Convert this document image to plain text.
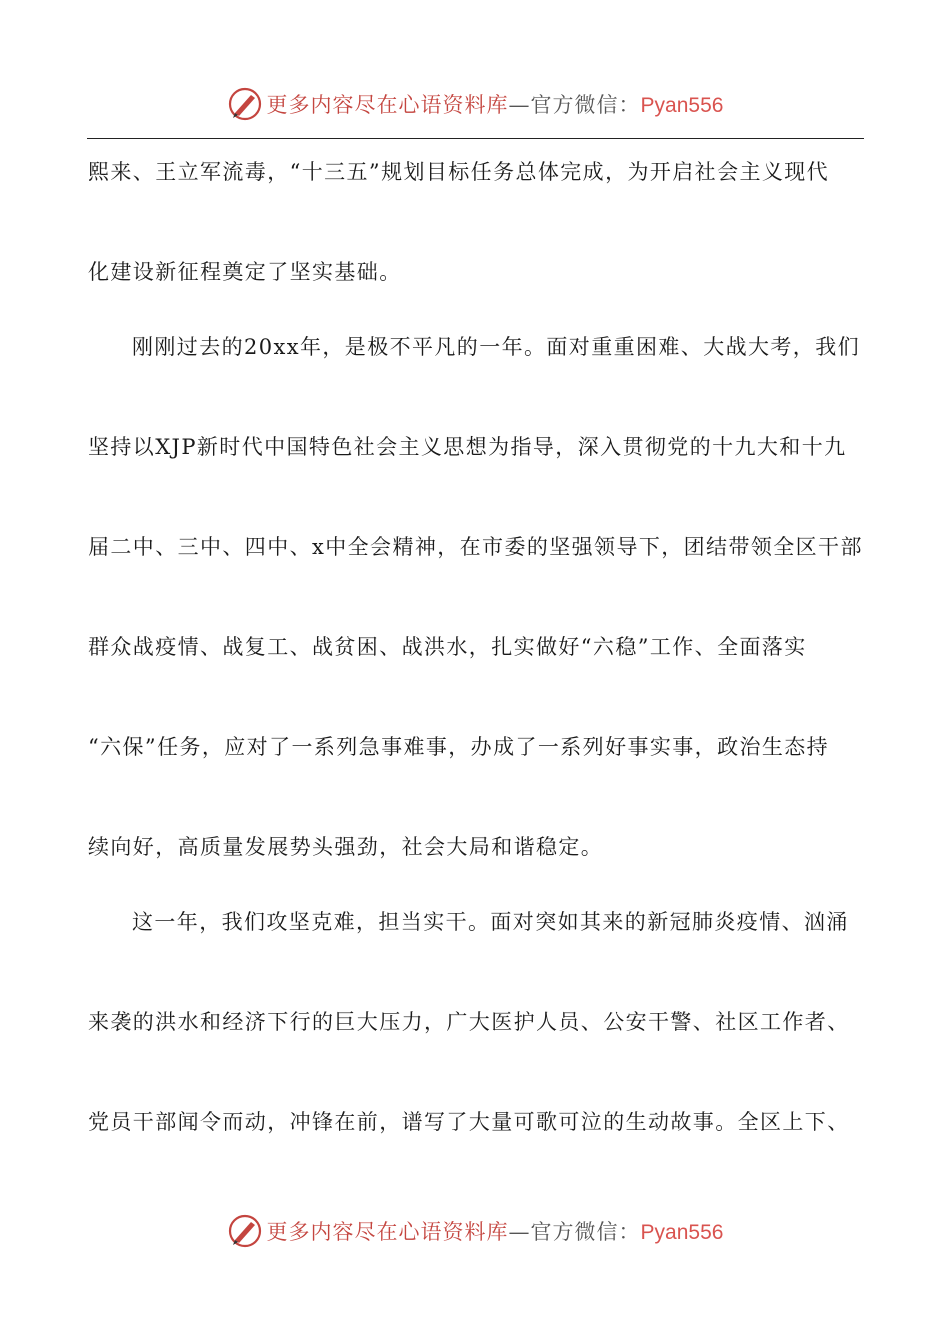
更多内容尽在心语资料库—官方微信：Pyan556
熙来、王立军流毒，“十三五”规划目标任务总体完成，为开启社会主义现代
化建设新征程奠定了坚实基础。
刚刚过去的20xx年，是极不平凡的一年。面对重重困难、大战大考，我们
坚持以XJP新时代中国特色社会主义思想为指导，深入贯彻党的十九大和十九
届二中、三中、四中、x中全会精神，在市委的坚强领导下，团结带领全区干部
群众战疫情、战复工、战贫困、战洪水，扎实做好“六稳”工作、全面落实
“六保”任务，应对了一系列急事难事，办成了一系列好事实事，政治生态持
续向好，高质量发展势头强劲，社会大局和谐稳定。
这一年，我们攻坚克难，担当实干。面对突如其来的新冠肺炎疫情、汹涌
来袭的洪水和经济下行的巨大压力，广大医护人员、公安干警、社区工作者、
党员干部闻令而动，冲锋在前，谱写了大量可歌可泣的生动故事。全区上下、
更多内容尽在心语资料库—官方微信：Pyan556
